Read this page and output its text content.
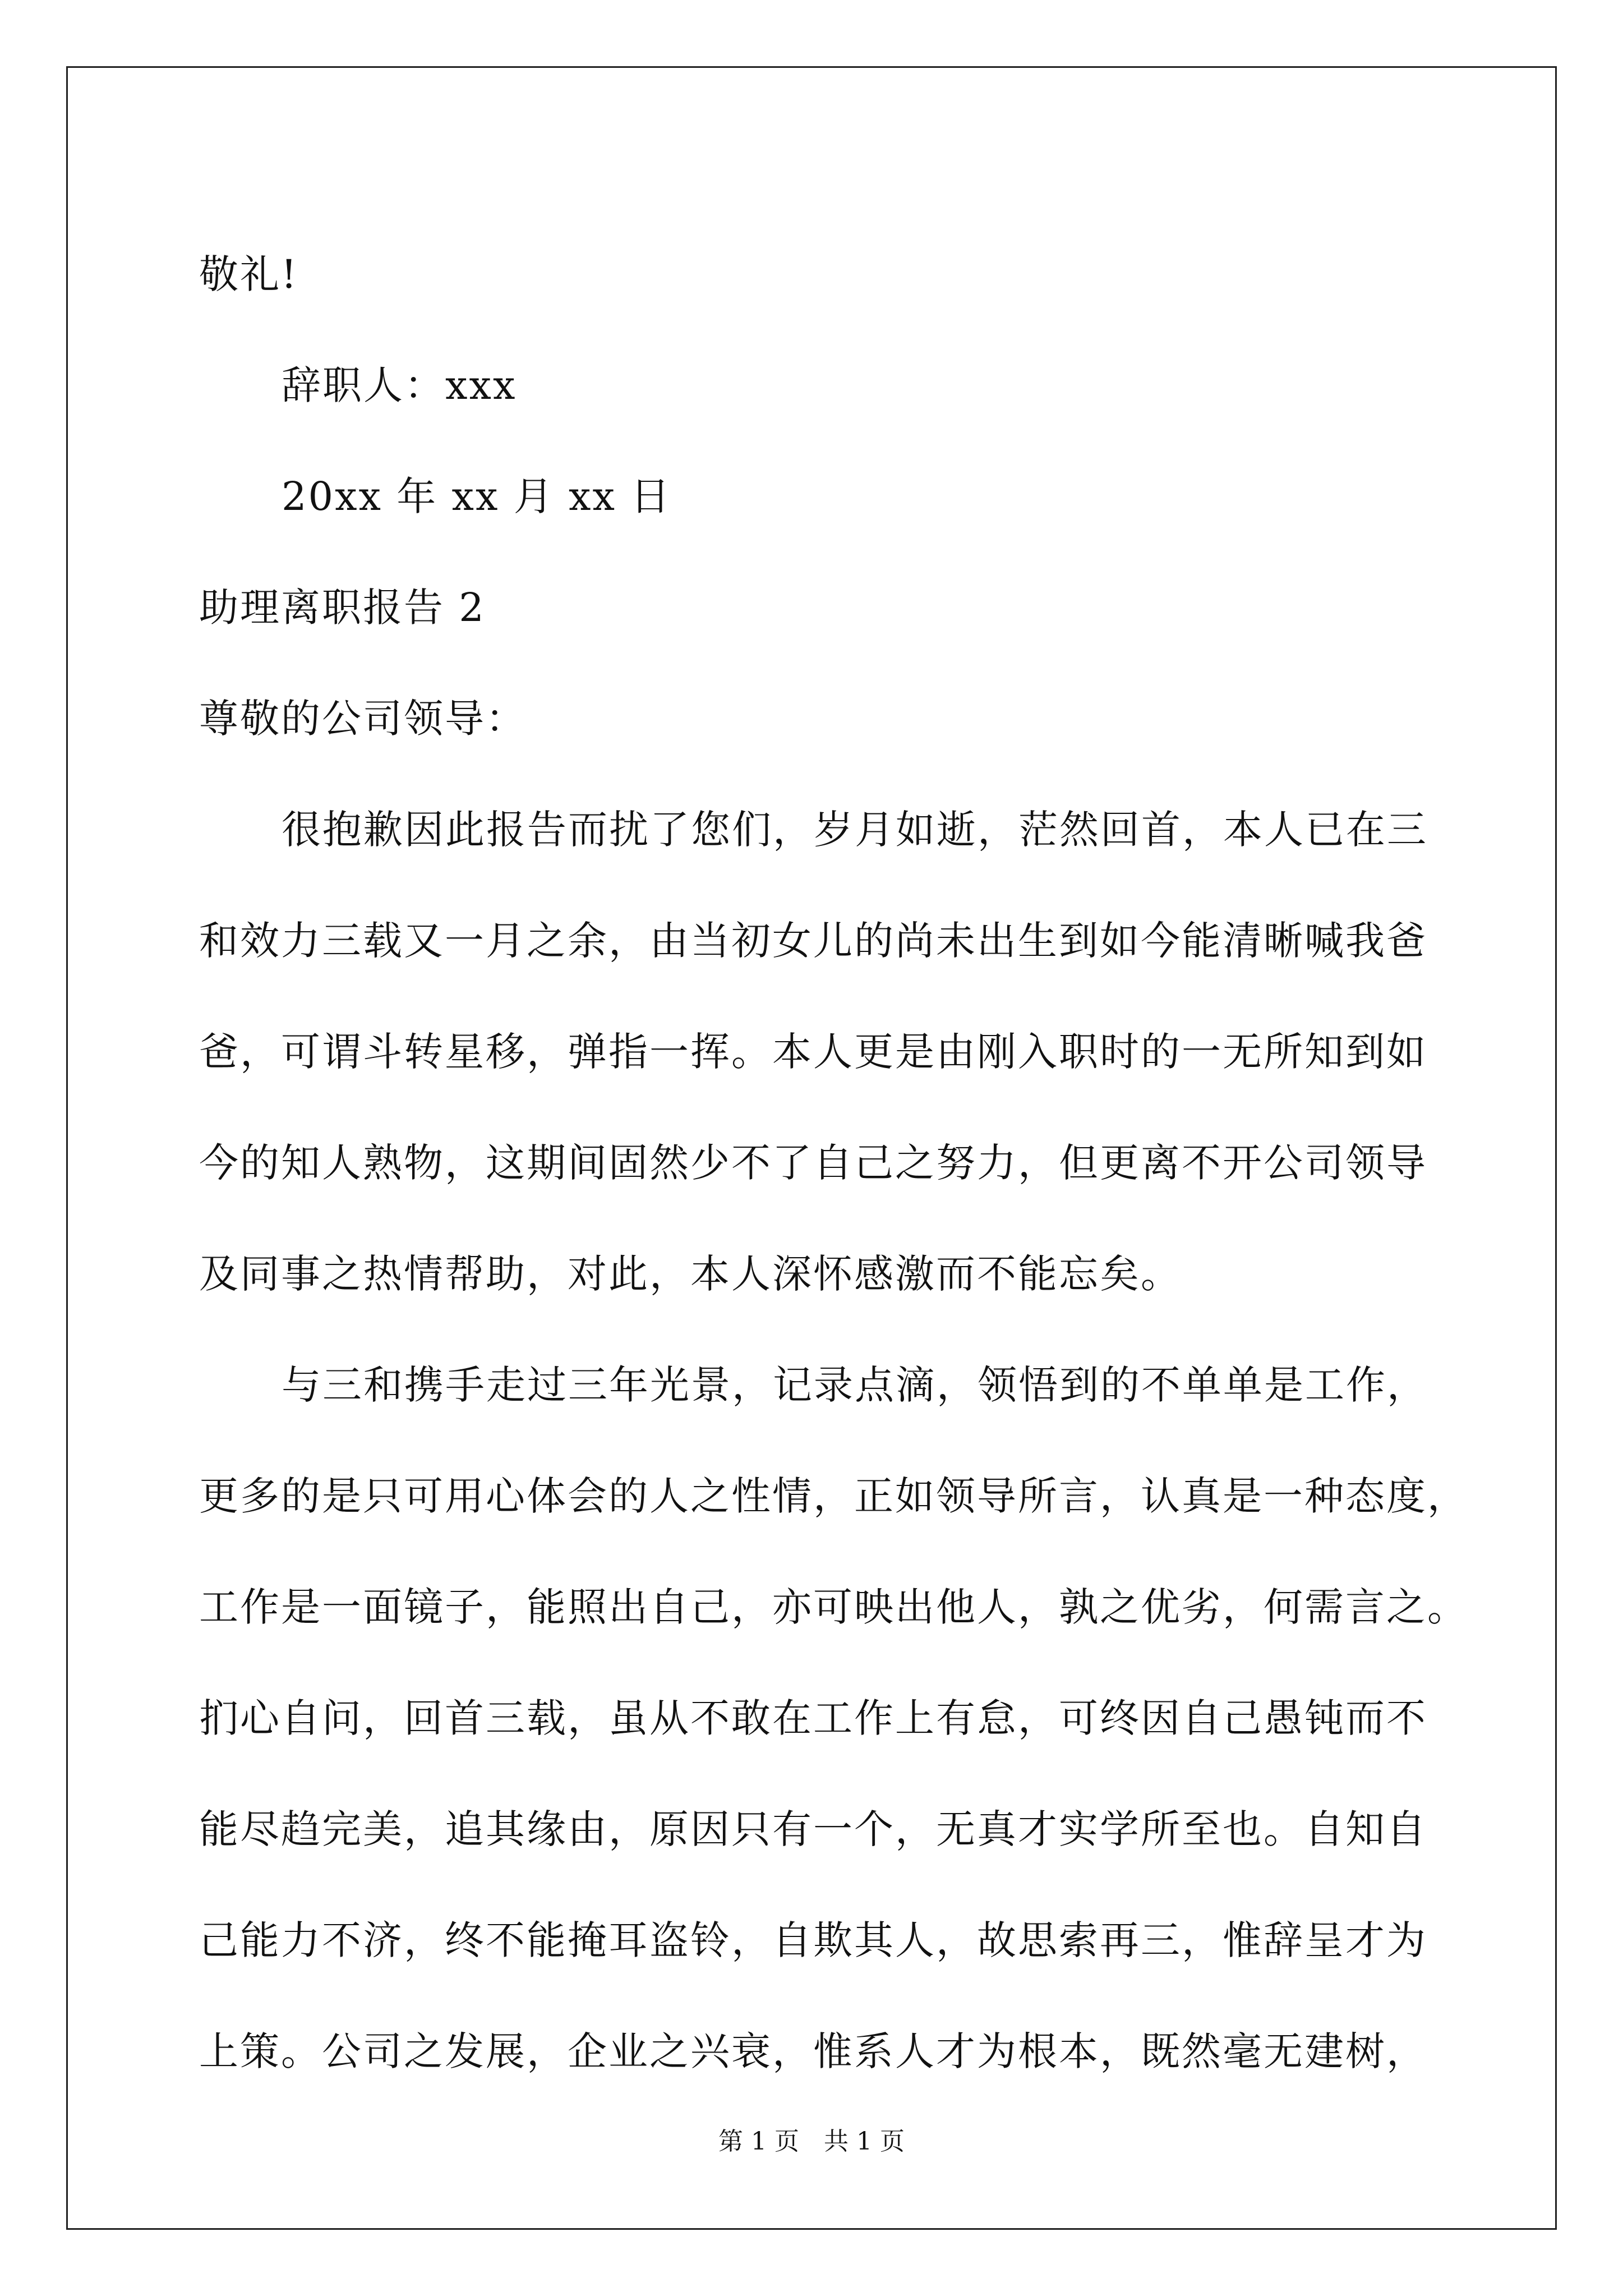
敬礼!
辞职人：xxx
20xx 年 xx 月 xx 日
助理离职报告 2
尊敬的公司领导：
很抱歉因此报告而扰了您们，岁月如逝，茫然回首，本人已在三
和效力三载又一月之余，由当初女儿的尚未出生到如今能清晰喊我爸
爸，可谓斗转星移，弹指一挥。本人更是由刚入职时的一无所知到如
今的知人熟物，这期间固然少不了自己之努力，但更离不开公司领导
及同事之热情帮助，对此，本人深怀感激而不能忘矣。
与三和携手走过三年光景，记录点滴，领悟到的不单单是工作，
更多的是只可用心体会的人之性情，正如领导所言，认真是一种态度，
工作是一面镜子，能照出自己，亦可映出他人，孰之优劣，何需言之。
扪心自问，回首三载，虽从不敢在工作上有怠，可终因自己愚钝而不
能尽趋完美，追其缘由，原因只有一个，无真才实学所至也。自知自
己能力不济，终不能掩耳盗铃，自欺其人，故思索再三，惟辞呈才为
上策。公司之发展，企业之兴衰，惟系人才为根本，既然毫无建树，
第 1 页　共 1 页
